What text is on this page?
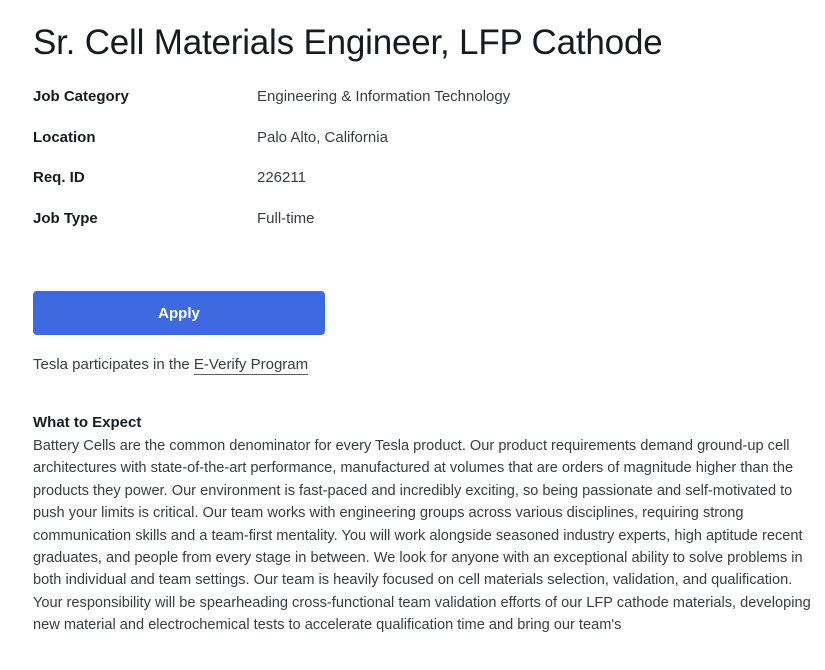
Sr. Cell Materials Engineer, LFP Cathode
Job Category	Engineering & Information Technology
Location	Palo Alto, California
Req. ID	226211
Job Type	Full-time
Apply
Tesla participates in the E-Verify Program
What to Expect

Battery Cells are the common denominator for every Tesla product. Our product requirements demand ground-up cell architectures with state-of-the-art performance, manufactured at volumes that are orders of magnitude higher than the products they power. Our environment is fast-paced and incredibly exciting, so being passionate and self-motivated to push your limits is critical. Our team works with engineering groups across various disciplines, requiring strong communication skills and a team-first mentality. You will work alongside seasoned industry experts, high aptitude recent graduates, and people from every stage in between. We look for anyone with an exceptional ability to solve problems in both individual and team settings. Our team is heavily focused on cell materials selection, validation, and qualification. Your responsibility will be spearheading cross-functional team validation efforts of our LFP cathode materials, developing new material and electrochemical tests to accelerate qualification time and bring our team's
